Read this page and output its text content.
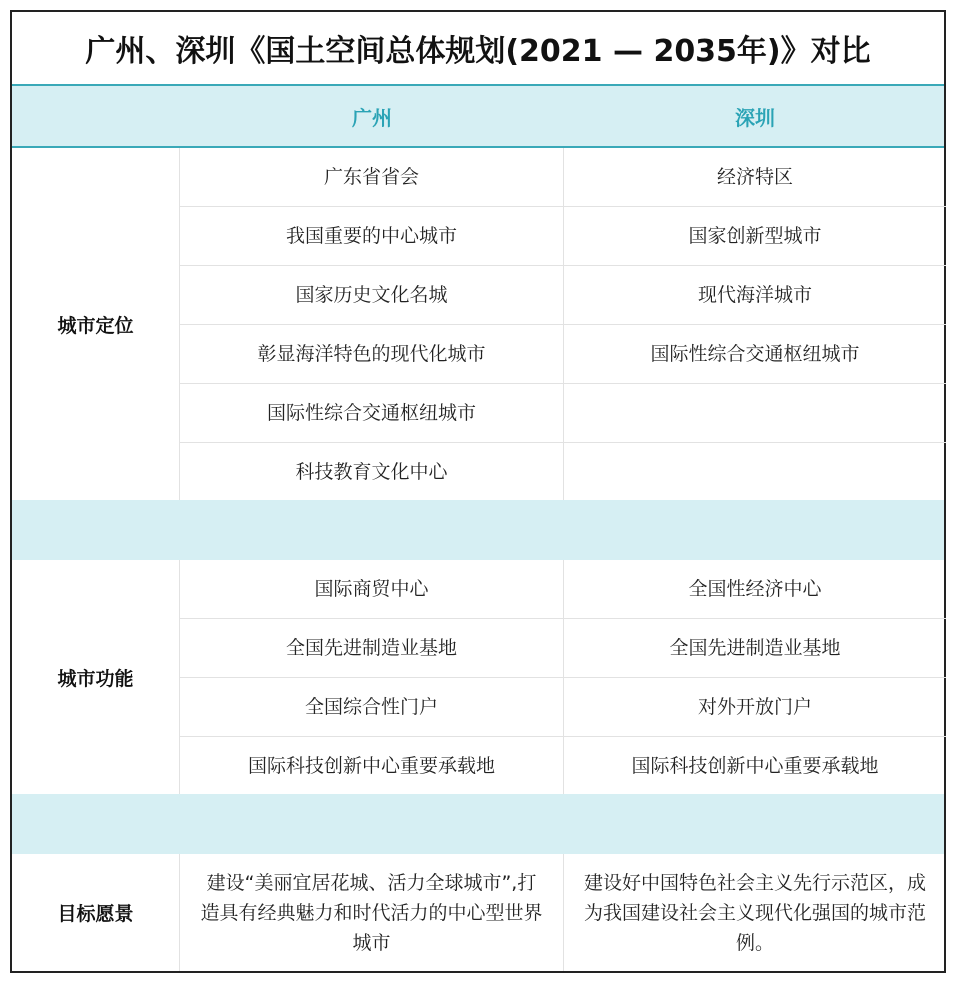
广州、深圳《国土空间总体规划(2021 — 2035年)》对比
广州	深圳
城市定位
广东省省会
我国重要的中心城市
国家历史文化名城
彰显海洋特色的现代化城市
国际性综合交通枢纽城市
科技教育文化中心
经济特区
国家创新型城市
现代海洋城市
国际性综合交通枢纽城市
城市功能
国际商贸中心
全国先进制造业基地
全国综合性门户
国际科技创新中心重要承载地
全国性经济中心
全国先进制造业基地
对外开放门户
国际科技创新中心重要承载地
目标愿景
建设“美丽宜居花城、活力全球城市”,打造具有经典魅力和时代活力的中心型世界城市
建设好中国特色社会主义先行示范区，成为我国建设社会主义现代化强国的城市范例。
